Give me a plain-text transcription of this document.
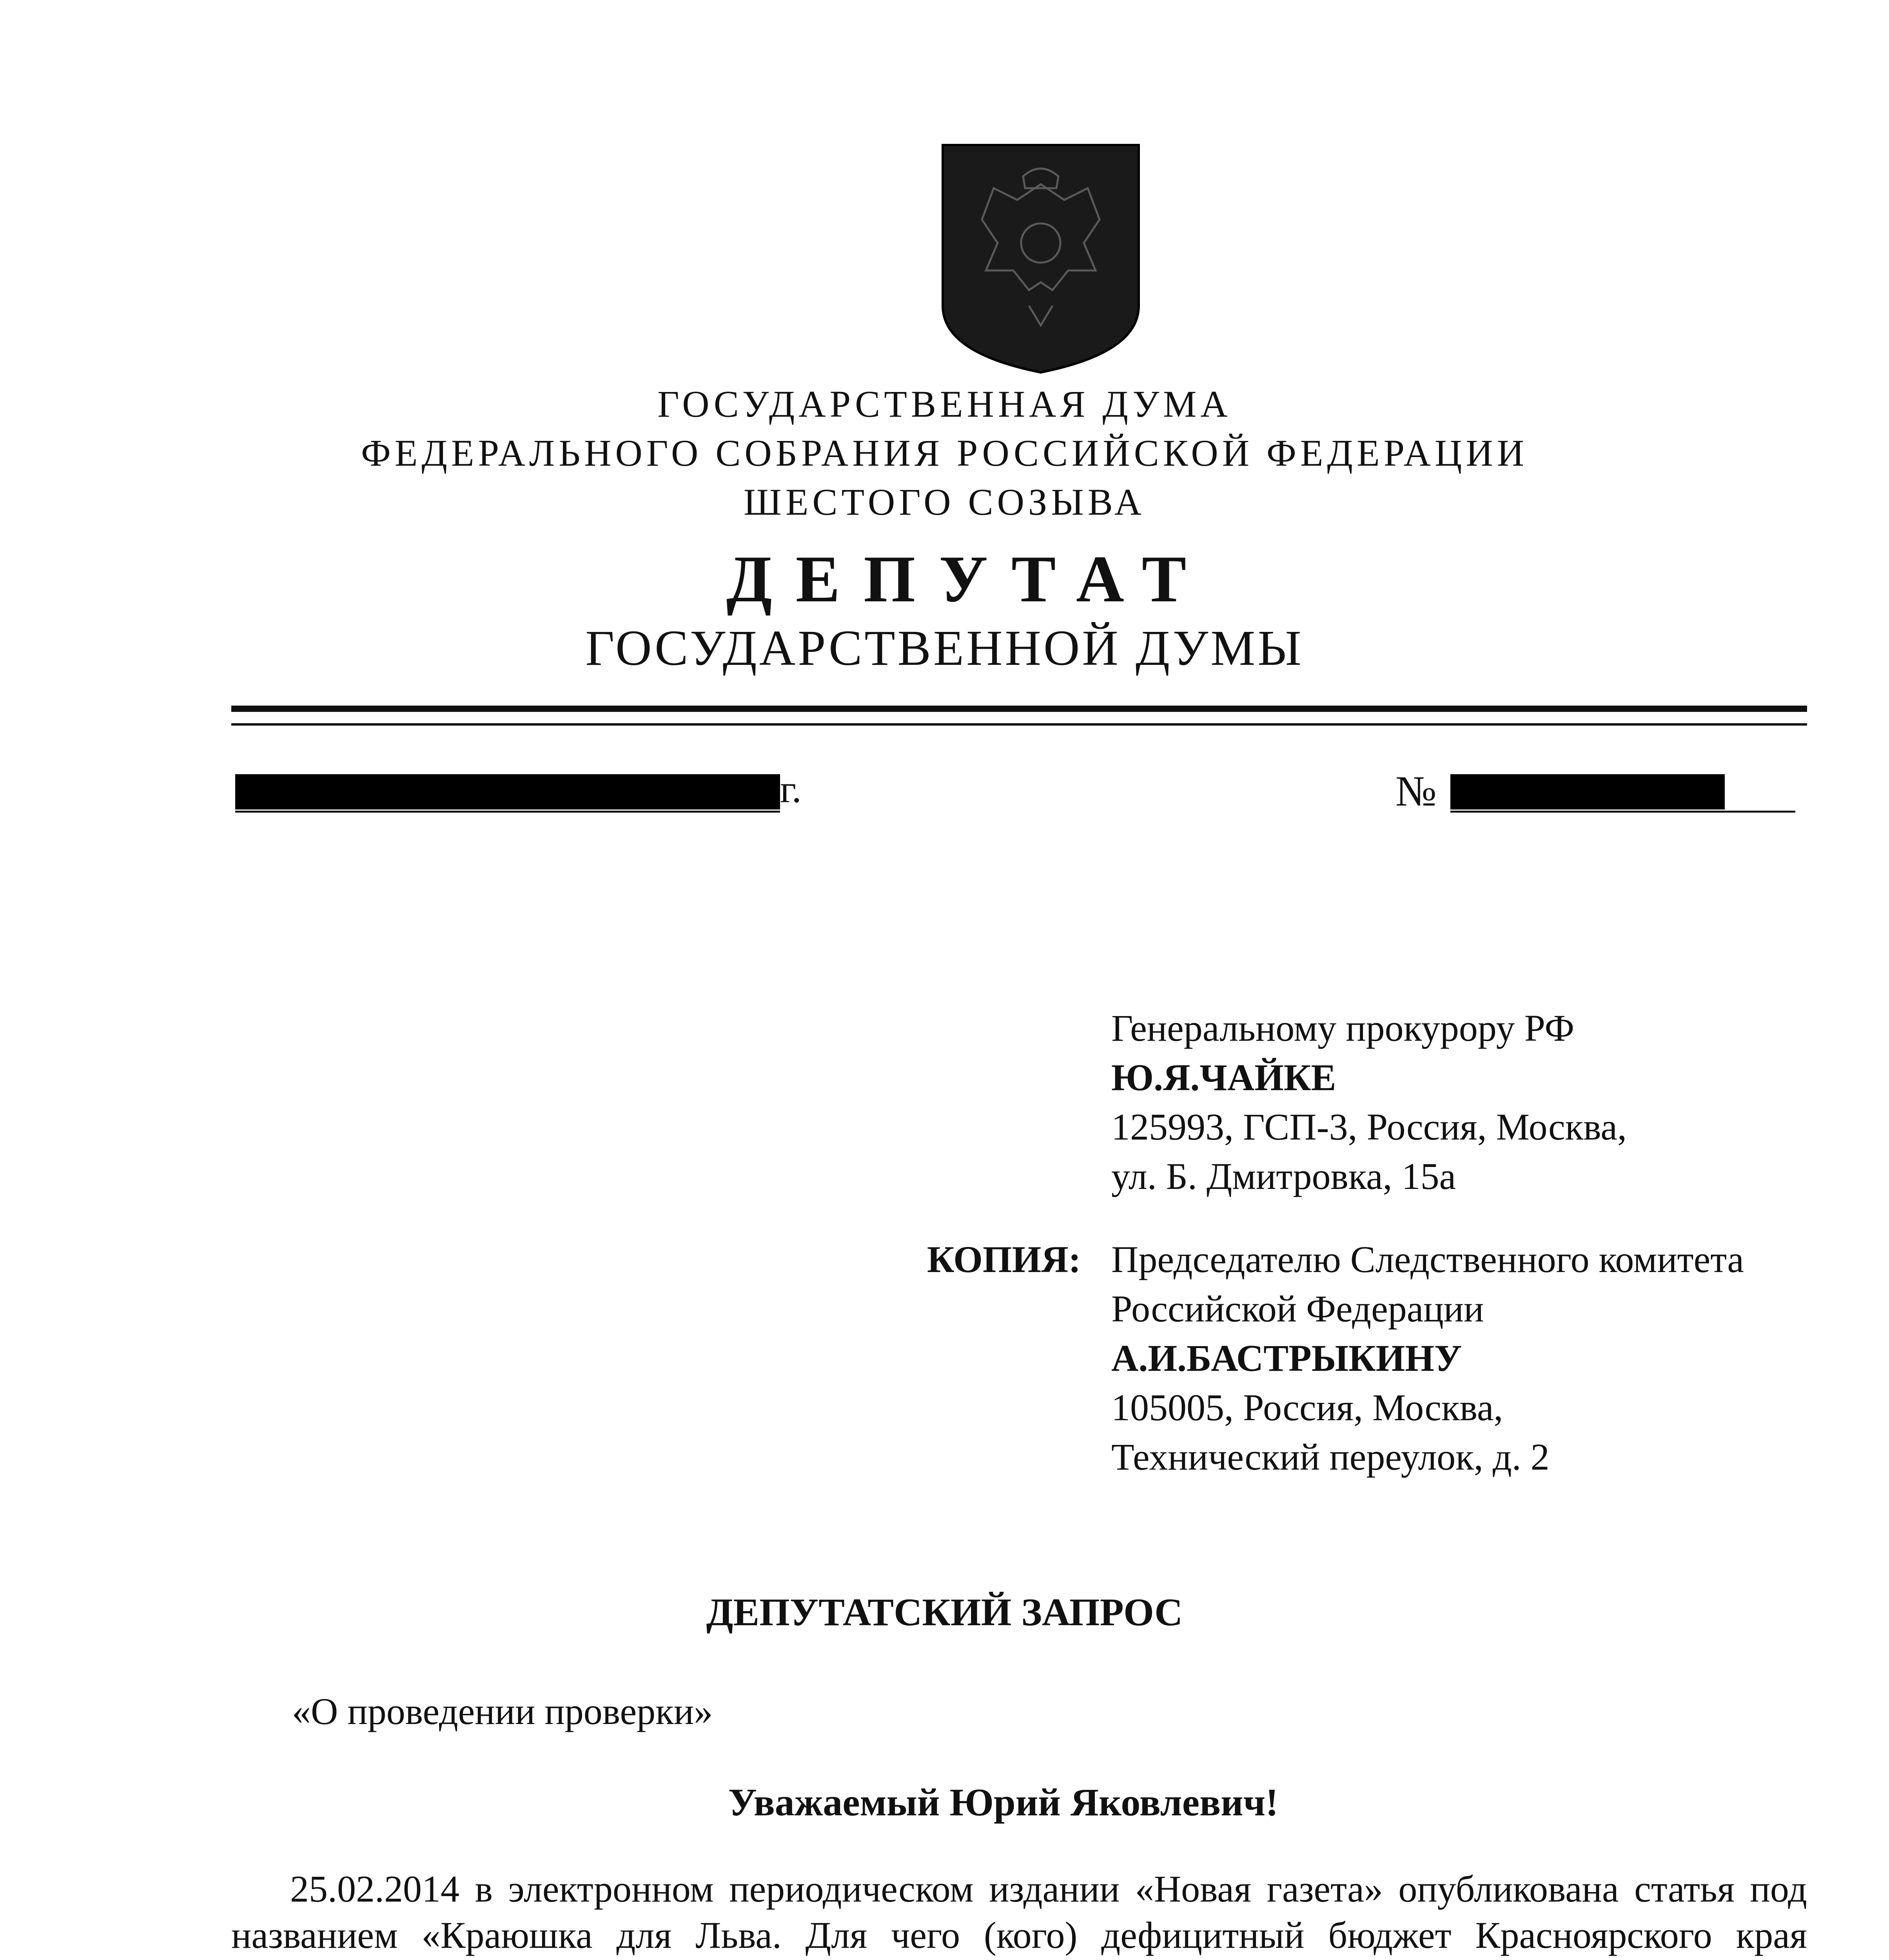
ГОСУДАРСТВЕННАЯ ДУМА
ФЕДЕРАЛЬНОГО СОБРАНИЯ РОССИЙСКОЙ ФЕДЕРАЦИИ
ШЕСТОГО СОЗЫВА
ДЕПУТАТ
ГОСУДАРСТВЕННОЙ ДУМЫ
г.	№
Генеральному прокурору РФ
Ю.Я.ЧАЙКЕ
125993, ГСП-3, Россия, Москва,
ул. Б. Дмитровка, 15а
КОПИЯ: Председателю Следственного комитета
Российской Федерации
А.И.БАСТРЫКИНУ
105005, Россия, Москва,
Технический переулок, д. 2
ДЕПУТАТСКИЙ ЗАПРОС
«О проведении проверки»
Уважаемый Юрий Яковлевич!
25.02.2014 в электронном периодическом издании «Новая газета» опубликована статья под названием «Краюшка для Льва. Для чего (кого) дефицитный бюджет Красноярского края
